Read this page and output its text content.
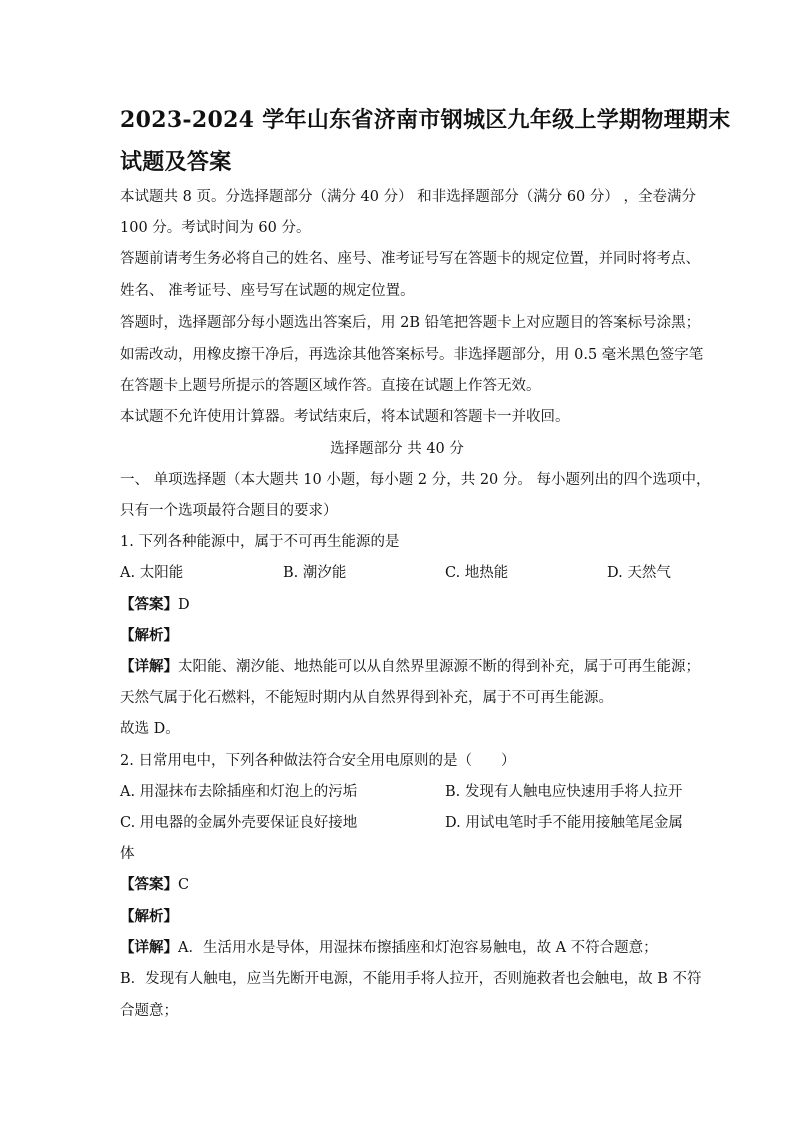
2023-2024 学年山东省济南市钢城区九年级上学期物理期末
试题及答案
本试题共 8 页。分选择题部分（满分 40 分） 和非选择题部分（满分 60 分） ，全卷满分
100 分。考试时间为 60 分。
答题前请考生务必将自己的姓名、座号、准考证号写在答题卡的规定位置，并同时将考点、
姓名、 准考证号、座号写在试题的规定位置。
答题时，选择题部分每小题选出答案后，用 2B 铅笔把答题卡上对应题目的答案标号涂黑；
如需改动，用橡皮擦干净后，再选涂其他答案标号。非选择题部分，用 0.5 毫米黑色签字笔
在答题卡上题号所提示的答题区域作答。直接在试题上作答无效。
本试题不允许使用计算器。考试结束后，将本试题和答题卡一并收回。
选择题部分 共 40 分
一、 单项选择题（本大题共 10 小题，每小题 2 分，共 20 分。 每小题列出的四个选项中，
只有一个选项最符合题目的要求）
1. 下列各种能源中，属于不可再生能源的是
A. 太阳能	B. 潮汐能	C. 地热能	D. 天然气
【答案】D
【解析】
【详解】太阳能、潮汐能、地热能可以从自然界里源源不断的得到补充，属于可再生能源；
天然气属于化石燃料，不能短时期内从自然界得到补充，属于不可再生能源。
故选 D。
2. 日常用电中，下列各种做法符合安全用电原则的是（　　）
A. 用湿抹布去除插座和灯泡上的污垢	B. 发现有人触电应快速用手将人拉开
C. 用电器的金属外壳要保证良好接地	D. 用试电笔时手不能用接触笔尾金属
体
【答案】C
【解析】
【详解】A．生活用水是导体，用湿抹布擦插座和灯泡容易触电，故 A 不符合题意；
B．发现有人触电，应当先断开电源，不能用手将人拉开，否则施救者也会触电，故 B 不符
合题意；
